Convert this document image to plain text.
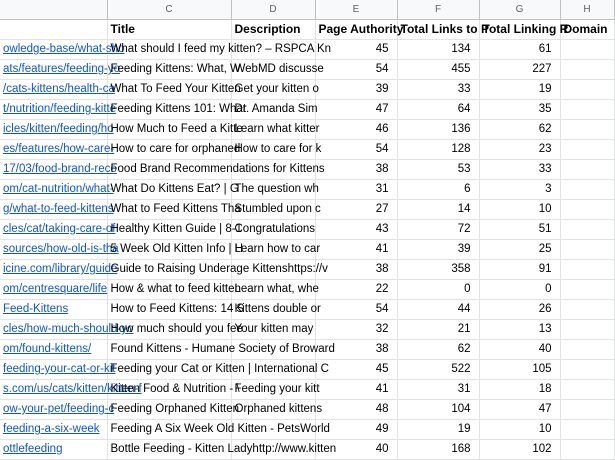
	C	D	E	F	G	H
	Title	Description	Page Authority	Total Links to P	Total Linking R	Domain
owledge-base/what-sho	What should I feed my kitten? – RSPCA Kn		45	134	61	
ats/features/feeding-yo	Feeding Kittens: What, W	WebMD discusse	54	455	227	
/cats-kittens/health-ca	What To Feed Your Kitten	Get your kitten o	39	33	19	
t/nutrition/feeding-kitte	Feeding Kittens 101: What	Dr. Amanda Sim	47	64	35	
icles/kitten/feeding/ho	How Much to Feed a Kitte	Learn what kitter	46	136	62	
es/features/how-care-	How to care for orphaned	How to care for k	54	128	23	
17/03/food-brand-reco	Food Brand Recommendations for Kittens		38	53	33	
om/cat-nutrition/what-	What Do Kittens Eat? | G	The question wh	31	6	3	
g/what-to-feed-kittens	What to Feed Kittens Tha	Stumbled upon c	27	14	10	
cles/cat/taking-care-of	Healthy Kitten Guide | 8-1	Congratulations	43	72	51	
sources/how-old-is-tha	5 Week Old Kitten Info | H	Learn how to car	41	39	25	
icine.com/library/guide	Guide to Raising Underage Kittenshttps://v		38	358	91	
om/centresquare/life	How & what to feed kitten	Learn what, whe	22	0	0	
Feed-Kittens	How to Feed Kittens: 14 S	Kittens double or	54	44	26	
cles/how-much-should-yo	How much should you fee	Your kitten may	32	21	13	
om/found-kittens/	Found Kittens - Humane Society of Broward		38	62	40	
feeding-your-cat-or-kit	Feeding your Cat or Kitten | International C		45	522	105	
s.com/us/cats/kitten/kitten-f	Kitten Food & Nutrition - \	Feeding your kitt	41	31	18	
ow-your-pet/feeding-c	Feeding Orphaned Kitten	Orphaned kittens	48	104	47	
feeding-a-six-week	Feeding A Six Week Old Kitten - PetsWorld		49	19	10	
ottlefeeding	Bottle Feeding - Kitten Ladyhttp://www.kitten		40	168	102	
